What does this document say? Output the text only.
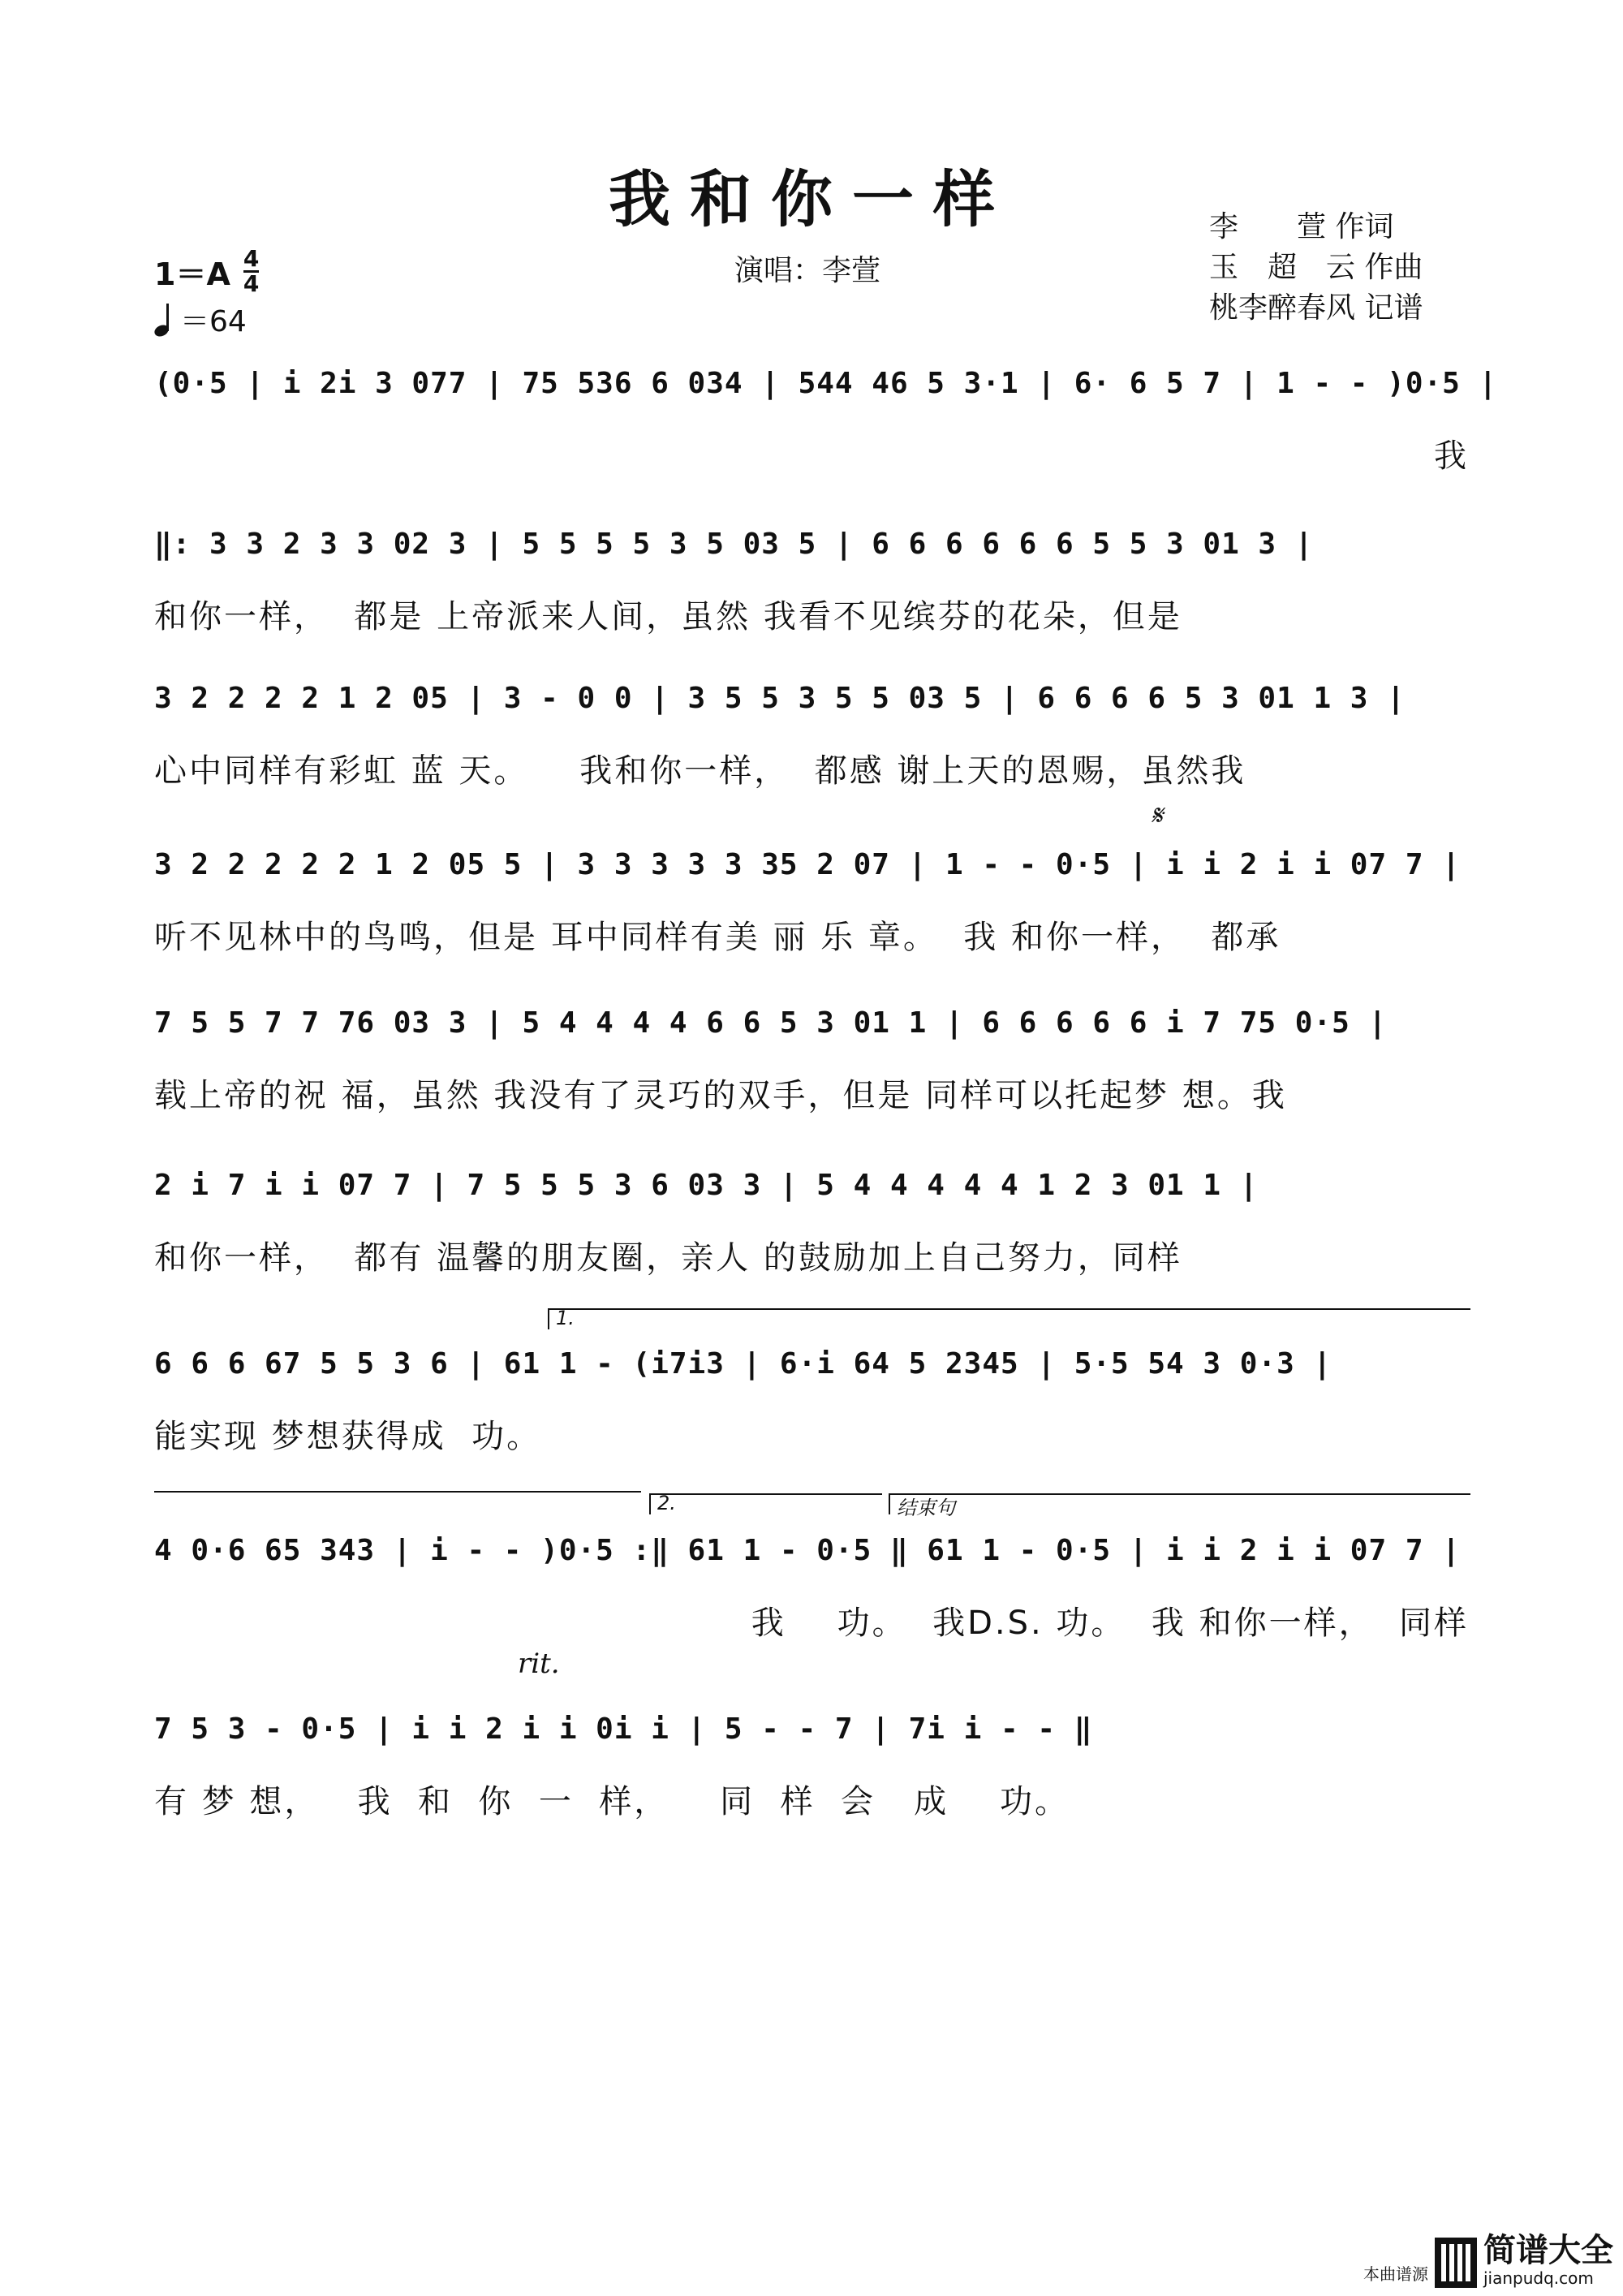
我和你一样
演唱：李萱
李　　萱 作词
玉　超　云 作曲
桃李醉春风 记谱
$1=A \frac{4}{4}$
＝64
(0·5 | i 2i 3 077 | 75 536 6 034 | 544 46 5 3·1 | 6· 6 5 7 | 1 - - )0·5 |
我
‖: 3 3 2 3 3 02 3 | 5 5 5 5 3 5 03 5 | 6 6 6 6 6 6 5 5 3 01 3 |
和你一样，  都是 上帝派来人间，虽然 我看不见缤芬的花朵，但是
3 2 2 2 2 1 2 05 | 3 - 0 0 | 3 5 5 3 5 5 03 5 | 6 6 6 6 5 3 01 1 3 |
心中同样有彩虹 蓝 天。    我和你一样，  都感 谢上天的恩赐，虽然我
𝄋
3 2 2 2 2 2 1 2 05 5 | 3 3 3 3 3 35 2 07 | 1 - - 0·5 | i i 2 i i 07 7 |
听不见林中的鸟鸣，但是 耳中同样有美 丽 乐 章。  我 和你一样，  都承
7 5 5 7 7 76 03 3 | 5 4 4 4 4 6 6 5 3 01 1 | 6 6 6 6 6 i 7 75 0·5 |
载上帝的祝 福，虽然 我没有了灵巧的双手，但是 同样可以托起梦 想。我
2 i 7 i i 07 7 | 7 5 5 5 3 6 03 3 | 5 4 4 4 4 4 1 2 3 01 1 |
和你一样，  都有 温馨的朋友圈，亲人 的鼓励加上自己努力，同样
1.
6 6 6 67 5 5 3 6 | 61 1 - (i7i3 | 6·i 64 5 2345 | 5·5 54 3 0·3 |
能实现 梦想获得成  功。
2.	结束句
4 0·6 65 343 | i - - )0·5 :‖ 61 1 - 0·5 ‖ 61 1 - 0·5 | i i 2 i i 07 7 |
我    功。  我D.S. 功。  我 和你一样，  同样
rit.
7 5 3 - 0·5 | i i 2 i i 0i i | 5 - - 7 | 7i i - - ‖
有 梦 想，   我  和  你  一  样，    同  样  会   成    功。
本曲谱源
简谱大全
jianpudq.com
